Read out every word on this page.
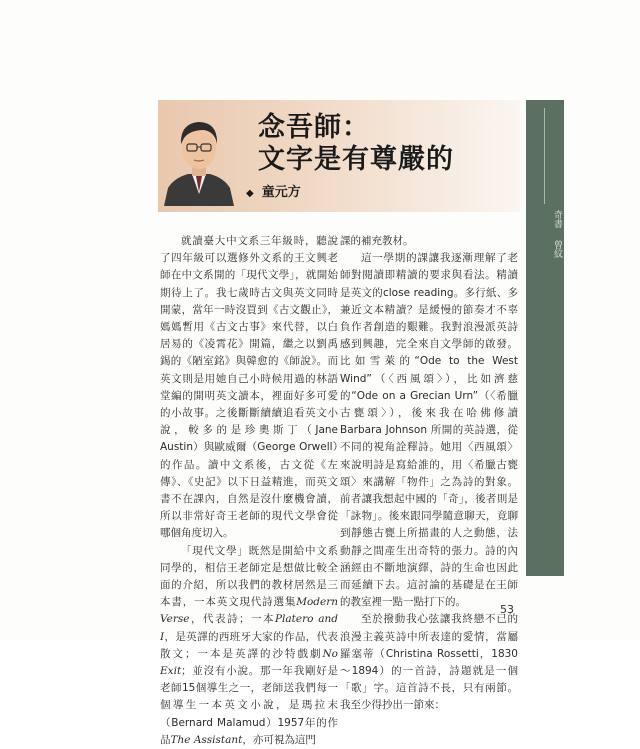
念吾師：
文字是有尊嚴的
◆ 童元方
奇書
曾紋

就讀臺大中文系三年級時，聽說了四年級可以選修外文系的王文興老師在中文系開的「現代文學」，就開始期待上了。我七歲時古文與英文同時開蒙，當年一時沒買到《古文觀止》，媽媽暫用《古文古事》來代替，以白居易的《凌霄花》開篇，繼之以劉禹錫的《陋室銘》與韓愈的《師說》。而英文則是用她自己小時候用過的林語堂編的開明英文讀本，裡面好多可愛的小故事。之後斷斷續續追看英文小說，較多的是珍奧斯丁（Jane Austin）與歐威爾（George Orwell）的作品。讀中文系後，古文從《左傳》、《史記》以下日益精進，而英文書不在課內，自然是沒什麼機會讀，所以非常好奇王老師的現代文學會從哪個角度切入。

「現代文學」既然是開給中文系同學的，相信王老師定是想做比較全面的介紹，所以我們的教材居然是三本書，一本英文現代詩選集Modern Verse，代表詩；一本Platero and I，是英譯的西班牙大家的作品，代表散文；一本是英譯的沙特戲劇No Exit；並沒有小說。那一年我剛好是老師15個導生之一，老師送我們每一個導生一本英文小說，是瑪拉末（Bernard Malamud）1957年的作品The Assistant，亦可視為這門

課的補充教材。

這一學期的課讓我逐漸理解了老師對閱讀即精讀的要求與看法。精讀是英文的close reading。多行紙、多兼近文本精讀？是緩慢的節奏才不辜負作者創造的艱難。我對浪漫派英詩感到興趣，完全來自文學師的啟發。比如雪萊的“Ode to the West Wind”（〈西風頌〉），比如濟慈的“Ode on a Grecian Urn”（〈希臘古甕頌〉），後來我在哈佛修讀Barbara Johnson 所開的英詩選，從不同的視角詮釋詩。她用〈西風頌〉來說明詩是寫給誰的，用〈希臘古甕頌〉來講解「物件」之為詩的對象。前者讓我想起中國的「奇」，後者則是「詠物」。後來跟同學隨意聊天，竟聊到靜態古甕上所描畫的人之動態，法動靜之間產生出奇特的張力。詩的內涵經由不斷地演繹，詩的生命也因此而延續下去。這討論的基礎是在王師的教室裡一點一點打下的。

至於撥動我心弦讓我終戀不已的浪漫主義英詩中所表達的愛情，當屬羅塞蒂（Christina Rossetti，1830～1894）的一首詩，詩題就是一個「歌」字。這首詩不長，只有兩節。我至少得抄出一節來：

53
